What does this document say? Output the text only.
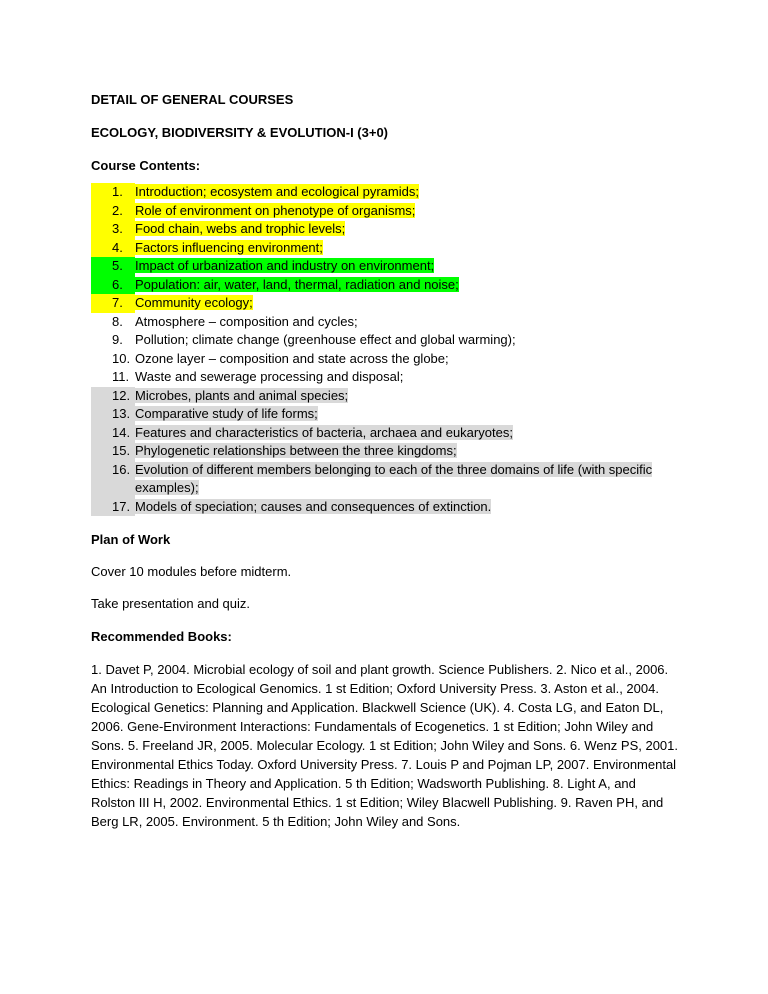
DETAIL OF GENERAL COURSES

ECOLOGY, BIODIVERSITY & EVOLUTION-I (3+0)

Course Contents:

1. Introduction; ecosystem and ecological pyramids;
2. Role of environment on phenotype of organisms;
3. Food chain, webs and trophic levels;
4. Factors influencing environment;
5. Impact of urbanization and industry on environment;
6. Population: air, water, land, thermal, radiation and noise;
7. Community ecology;
8. Atmosphere – composition and cycles;
9. Pollution; climate change (greenhouse effect and global warming);
10. Ozone layer – composition and state across the globe;
11. Waste and sewerage processing and disposal;
12. Microbes, plants and animal species;
13. Comparative study of life forms;
14. Features and characteristics of bacteria, archaea and eukaryotes;
15. Phylogenetic relationships between the three kingdoms;
16. Evolution of different members belonging to each of the three domains of life (with specific examples);
17. Models of speciation; causes and consequences of extinction.

Plan of Work

Cover 10 modules before midterm.

Take presentation and quiz.

Recommended Books:

1. Davet P, 2004. Microbial ecology of soil and plant growth. Science Publishers. 2. Nico et al., 2006. An Introduction to Ecological Genomics. 1 st Edition; Oxford University Press. 3. Aston et al., 2004. Ecological Genetics: Planning and Application. Blackwell Science (UK). 4. Costa LG, and Eaton DL, 2006. Gene-Environment Interactions: Fundamentals of Ecogenetics. 1 st Edition; John Wiley and Sons. 5. Freeland JR, 2005. Molecular Ecology. 1 st Edition; John Wiley and Sons. 6. Wenz PS, 2001. Environmental Ethics Today. Oxford University Press. 7. Louis P and Pojman LP, 2007. Environmental Ethics: Readings in Theory and Application. 5 th Edition; Wadsworth Publishing. 8. Light A, and Rolston III H, 2002. Environmental Ethics. 1 st Edition; Wiley Blacwell Publishing. 9. Raven PH, and Berg LR, 2005. Environment. 5 th Edition; John Wiley and Sons.
